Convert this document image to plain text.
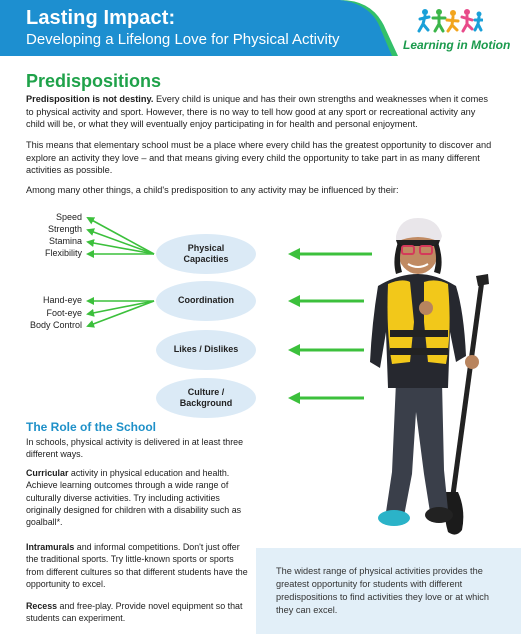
Lasting Impact:
Developing a Lifelong Love for Physical Activity	Learning in Motion
Predispositions
Predisposition is not destiny. Every child is unique and has their own strengths and weaknesses when it comes to physical activity and sport. However, there is no way to tell how good at any sport or recreational activity any child will be, or what they will eventually enjoy participating in for health and personal enjoyment.
This means that elementary school must be a place where every child has the greatest opportunity to discover and explore an activity they love – and that means giving every child the opportunity to take part in as many different activities as possible.
Among many other things, a child's predisposition to any activity may be influenced by their:
Speed
Strength
Stamina
Flexibility
Hand-eye
Foot-eye
Body Control
Physical
Capacities
Coordination
Likes / Dislikes
Culture /
Background
The Role of the School
In schools, physical activity is delivered in at least three different ways.
Curricular activity in physical education and health. Achieve learning outcomes through a wide range of culturally diverse activities. Try including activities originally designed for children with a disability such as goalball*.
Intramurals and informal competitions. Don't just offer the traditional sports. Try little-known sports or sports from different cultures so that different students have the opportunity to excel.
Recess and free-play. Provide novel equipment so that students can experiment.
The widest range of physical activities provides the greatest opportunity for students with different predispositions to find activities they love or at which they can excel.
